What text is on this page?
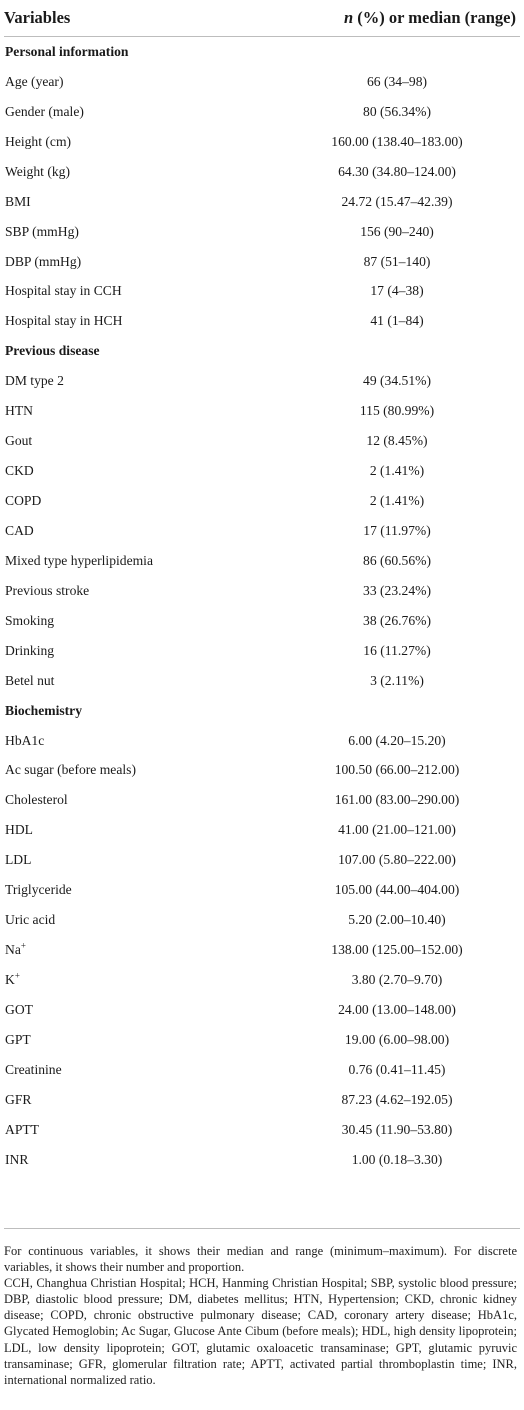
Variables	n (%) or median (range)
Personal information
Age (year)	66 (34–98)
Gender (male)	80 (56.34%)
Height (cm)	160.00 (138.40–183.00)
Weight (kg)	64.30 (34.80–124.00)
BMI	24.72 (15.47–42.39)
SBP (mmHg)	156 (90–240)
DBP (mmHg)	87 (51–140)
Hospital stay in CCH	17 (4–38)
Hospital stay in HCH	41 (1–84)
Previous disease
DM type 2	49 (34.51%)
HTN	115 (80.99%)
Gout	12 (8.45%)
CKD	2 (1.41%)
COPD	2 (1.41%)
CAD	17 (11.97%)
Mixed type hyperlipidemia	86 (60.56%)
Previous stroke	33 (23.24%)
Smoking	38 (26.76%)
Drinking	16 (11.27%)
Betel nut	3 (2.11%)
Biochemistry
HbA1c	6.00 (4.20–15.20)
Ac sugar (before meals)	100.50 (66.00–212.00)
Cholesterol	161.00 (83.00–290.00)
HDL	41.00 (21.00–121.00)
LDL	107.00 (5.80–222.00)
Triglyceride	105.00 (44.00–404.00)
Uric acid	5.20 (2.00–10.40)
Na+	138.00 (125.00–152.00)
K+	3.80 (2.70–9.70)
GOT	24.00 (13.00–148.00)
GPT	19.00 (6.00–98.00)
Creatinine	0.76 (0.41–11.45)
GFR	87.23 (4.62–192.05)
APTT	30.45 (11.90–53.80)
INR	1.00 (0.18–3.30)

For continuous variables, it shows their median and range (minimum–maximum). For discrete variables, it shows their number and proportion.

CCH, Changhua Christian Hospital; HCH, Hanming Christian Hospital; SBP, systolic blood pressure; DBP, diastolic blood pressure; DM, diabetes mellitus; HTN, Hypertension; CKD, chronic kidney disease; COPD, chronic obstructive pulmonary disease; CAD, coronary artery disease; HbA1c, Glycated Hemoglobin; Ac Sugar, Glucose Ante Cibum (before meals); HDL, high density lipoprotein; LDL, low density lipoprotein; GOT, glutamic oxaloacetic transaminase; GPT, glutamic pyruvic transaminase; GFR, glomerular filtration rate; APTT, activated partial thromboplastin time; INR, international normalized ratio.
